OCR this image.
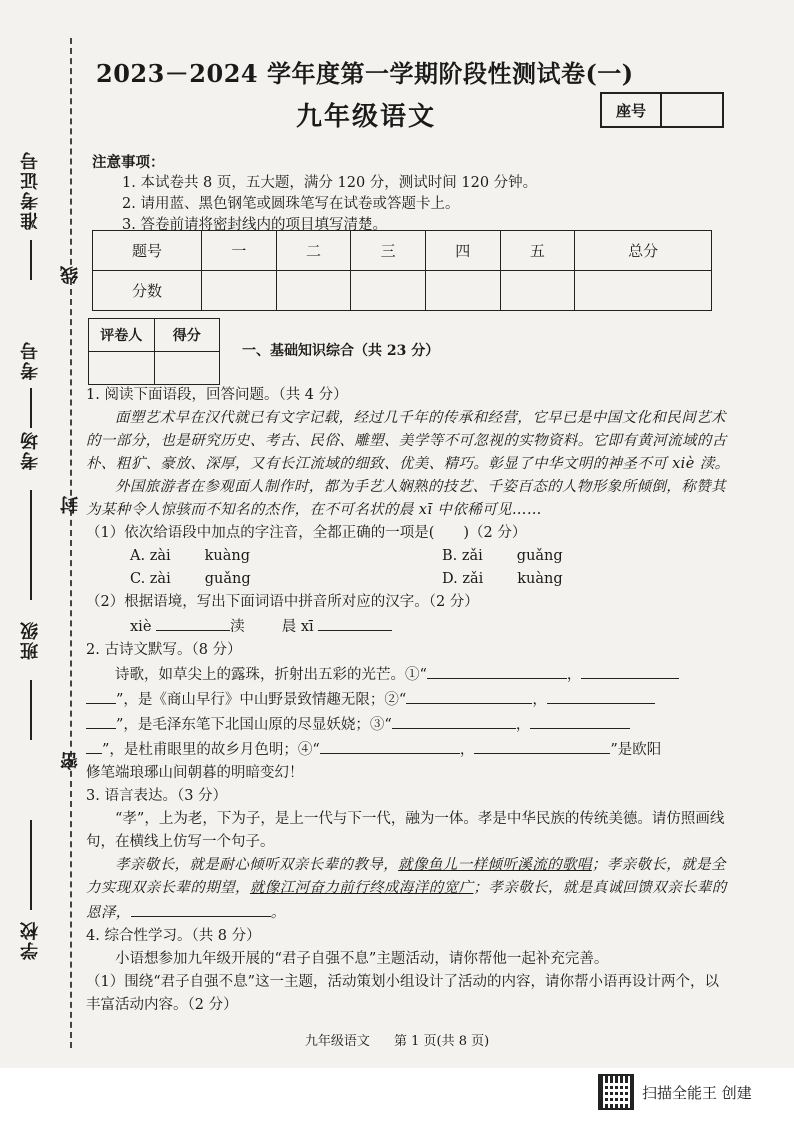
准考证号
线
考号
考场
封
班级
密
学校
2023－2024 学年度第一学期阶段性测试卷(一)
九年级语文	座号
注意事项：
1. 本试卷共 8 页，五大题，满分 120 分，测试时间 120 分钟。
2. 请用蓝、黑色钢笔或圆珠笔写在试卷或答题卡上。
3. 答卷前请将密封线内的项目填写清楚。
题号	一	二	三	四	五	总分
分数						
评卷人	得分

一、基础知识综合（共 23 分）
1. 阅读下面语段，回答问题。（共 4 分）

面塑艺术早在汉代就已有文字记载，经过几千年的传承和经营，它早已是中国文化和民间艺术的一部分，也是研究历史、考古、民俗、雕塑、美学等不可忽视的实物资料。它即有黄河流域的古朴、粗犷、豪放、深厚，又有长江流域的细致、优美、精巧。彰显了中华文明的神圣不可 xiè 渎。

外国旅游者在参观面人制作时，都为手艺人娴熟的技艺、千姿百态的人物形象所倾倒，称赞其为某种令人惊骇而不知名的杰作，在不可名状的晨 xī 中依稀可见……

（1）依次给语段中加点的字注音，全都正确的一项是(　　)（2 分）

A. zài kuàng	B. zǎi guǎng
C. zài guǎng	D. zǎi kuàng

（2）根据语境，写出下面词语中拼音所对应的汉字。（2 分）

xiè	渎	晨 xī
2. 古诗文默写。（8 分）
诗歌，如草尖上的露珠，折射出五彩的光芒。①“	，
”，是《商山早行》中山野景致情趣无限；②“	，
”，是毛泽东笔下北国山原的尽显妖娆；③“	，
”，是杜甫眼里的故乡月色明；④“	，	”是欧阳
修笔端琅琊山间朝暮的明暗变幻！
3. 语言表达。（3 分）

“孝”，上为老，下为子，是上一代与下一代，融为一体。孝是中华民族的传统美德。请仿照画线句，在横线上仿写一个句子。

孝亲敬长，就是耐心倾听双亲长辈的教导，就像鱼儿一样倾听溪流的歌唱；孝亲敬长，就是全力实现双亲长辈的期望，就像江河奋力前行终成海洋的宽广；孝亲敬长，就是真诚回馈双亲长辈的恩泽，	。

4. 综合性学习。（共 8 分）

小语想参加九年级开展的“君子自强不息”主题活动，请你帮他一起补充完善。

（1）围绕“君子自强不息”这一主题，活动策划小组设计了活动的内容，请你帮小语再设计两个，以丰富活动内容。（2 分）

九年级语文 第 1 页(共 8 页)
扫描全能王 创建
